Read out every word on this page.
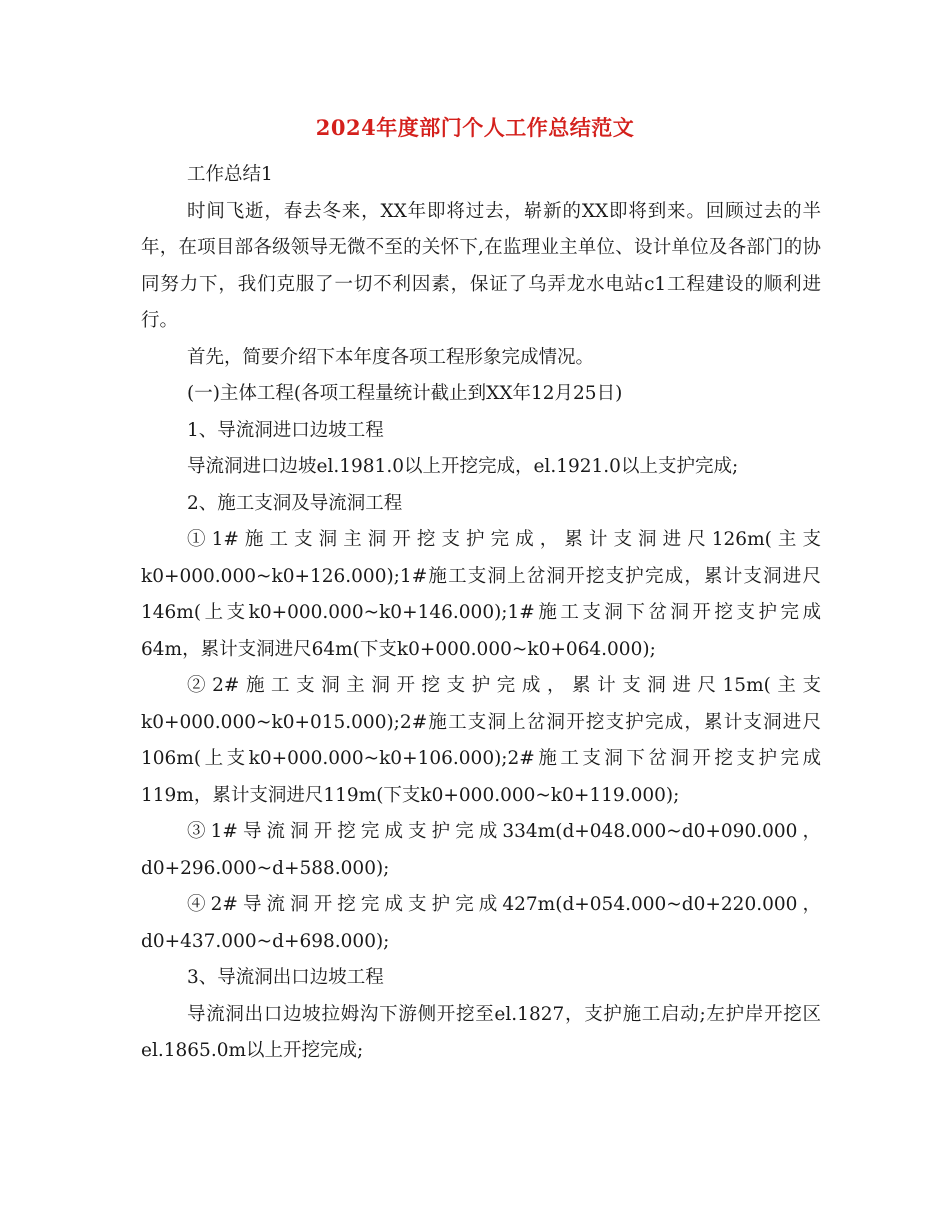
2024年度部门个人工作总结范文

工作总结1

时间飞逝，春去冬来，XX年即将过去，崭新的XX即将到来。回顾过去的半年，在项目部各级领导无微不至的关怀下,在监理业主单位、设计单位及各部门的协同努力下，我们克服了一切不利因素，保证了乌弄龙水电站c1工程建设的顺利进行。

首先，简要介绍下本年度各项工程形象完成情况。

(一)主体工程(各项工程量统计截止到XX年12月25日)

1、导流洞进口边坡工程

导流洞进口边坡el.1981.0以上开挖完成，el.1921.0以上支护完成;

2、施工支洞及导流洞工程

①1#施工支洞主洞开挖支护完成，累计支洞进尺126m(主支k0+000.000~k0+126.000);1#施工支洞上岔洞开挖支护完成，累计支洞进尺146m(上支k0+000.000~k0+146.000);1#施工支洞下岔洞开挖支护完成64m，累计支洞进尺64m(下支k0+000.000~k0+064.000);

②2#施工支洞主洞开挖支护完成，累计支洞进尺15m(主支k0+000.000~k0+015.000);2#施工支洞上岔洞开挖支护完成，累计支洞进尺106m(上支k0+000.000~k0+106.000);2#施工支洞下岔洞开挖支护完成119m，累计支洞进尺119m(下支k0+000.000~k0+119.000);

③1#导流洞开挖完成支护完成334m(d+048.000~d0+090.000，d0+296.000~d+588.000);

④2#导流洞开挖完成支护完成427m(d+054.000~d0+220.000，d0+437.000~d+698.000);

3、导流洞出口边坡工程

导流洞出口边坡拉姆沟下游侧开挖至el.1827，支护施工启动;左护岸开挖区el.1865.0m以上开挖完成;
